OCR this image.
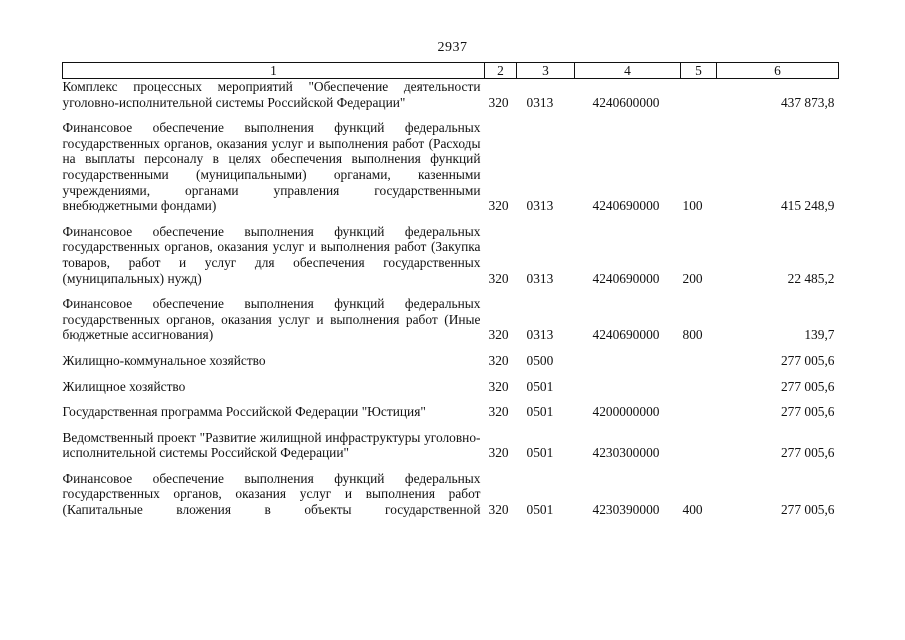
2937
1	2	3	4	5	6
Комплекс процессных мероприятий "Обеспечение деятельности уголовно-исполнительной системы Российской Федерации"	320	0313	4240600000		437 873,8

Финансовое обеспечение выполнения функций федеральных государственных органов, оказания услуг и выполнения работ (Расходы на выплаты персоналу в целях обеспечения выполнения функций государственными (муниципальными) органами, казенными учреждениями, органами управления государственными внебюджетными фондами)	320	0313	4240690000	100	415 248,9

Финансовое обеспечение выполнения функций федеральных государственных органов, оказания услуг и выполнения работ (Закупка товаров, работ и услуг для обеспечения государственных (муниципальных) нужд)	320	0313	4240690000	200	22 485,2

Финансовое обеспечение выполнения функций федеральных государственных органов, оказания услуг и выполнения работ (Иные бюджетные ассигнования)	320	0313	4240690000	800	139,7

Жилищно-коммунальное хозяйство	320	0500			277 005,6

Жилищное хозяйство	320	0501			277 005,6

Государственная программа Российской Федерации "Юстиция"	320	0501	4200000000		277 005,6

Ведомственный проект "Развитие жилищной инфраструктуры уголовно-исполнительной системы Российской Федерации"	320	0501	4230300000		277 005,6

Финансовое обеспечение выполнения функций федеральных государственных органов, оказания услуг и выполнения работ (Капитальные вложения в объекты государственной	320	0501	4230390000	400	277 005,6
